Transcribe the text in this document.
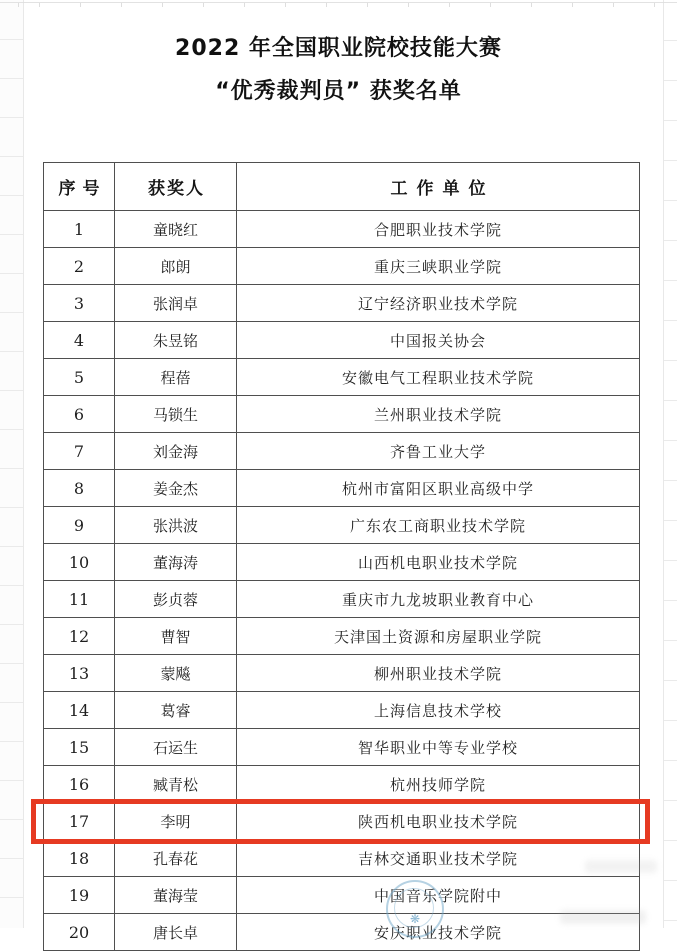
2022 年全国职业院校技能大赛
“优秀裁判员” 获奖名单
序号	获奖人	工作单位
1	童晓红	合肥职业技术学院
2	郎朗	重庆三峡职业学院
3	张润卓	辽宁经济职业技术学院
4	朱昱铭	中国报关协会
5	程蓓	安徽电气工程职业技术学院
6	马锁生	兰州职业技术学院
7	刘金海	齐鲁工业大学
8	姜金杰	杭州市富阳区职业高级中学
9	张洪波	广东农工商职业技术学院
10	董海涛	山西机电职业技术学院
11	彭贞蓉	重庆市九龙坡职业教育中心
12	曹智	天津国土资源和房屋职业学院
13	蒙飚	柳州职业技术学院
14	葛睿	上海信息技术学校
15	石运生	智华职业中等专业学校
16	臧青松	杭州技师学院
17	李明	陕西机电职业技术学院
18	孔春花	吉林交通职业技术学院
19	董海莹	中国音乐学院附中
20	唐长卓	安庆职业技术学院
❋
